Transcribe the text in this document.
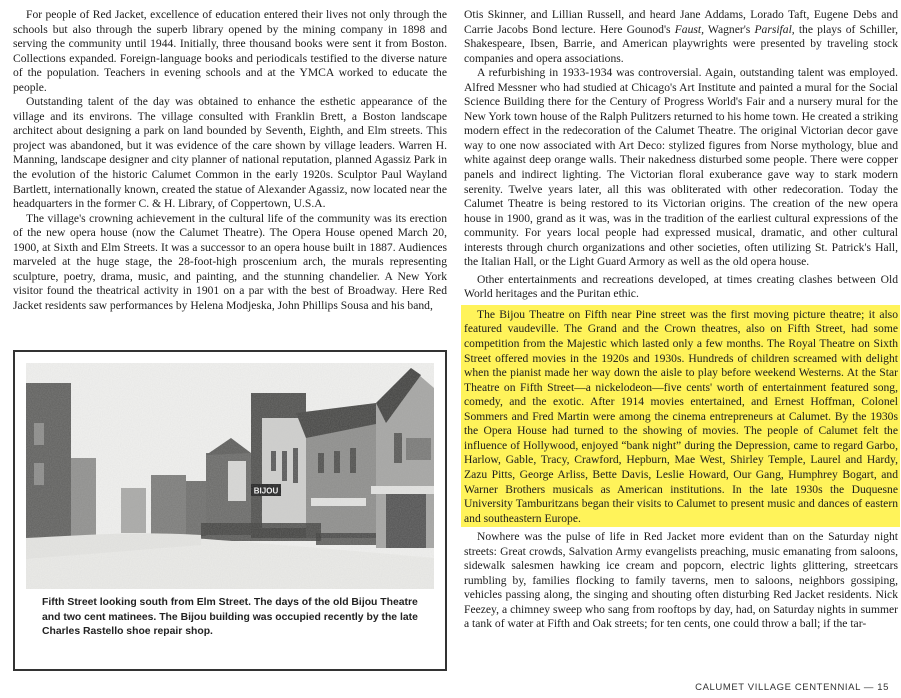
For people of Red Jacket, excellence of education entered their lives not only through the schools but also through the superb library opened by the mining company in 1898 and serving the community until 1944. Initially, three thousand books were sent it from Boston. Collections expanded. Foreign-language books and periodicals testified to the diverse nature of the population. Teachers in evening schools and at the YMCA worked to educate the people.

Outstanding talent of the day was obtained to enhance the esthetic appearance of the village and its environs. The village consulted with Franklin Brett, a Boston landscape architect about designing a park on land bounded by Seventh, Eighth, and Elm streets. This project was abandoned, but it was evidence of the care shown by village leaders. Warren H. Manning, landscape designer and city planner of national reputation, planned Agassiz Park in the evolution of the historic Calumet Common in the early 1920s. Sculptor Paul Wayland Bartlett, internationally known, created the statue of Alexander Agassiz, now located near the headquarters in the former C. & H. Library, of Coppertown, U.S.A.

The village's crowning achievement in the cultural life of the community was its erection of the new opera house (now the Calumet Theatre). The Opera House opened March 20, 1900, at Sixth and Elm Streets. It was a successor to an opera house built in 1887. Audiences marveled at the huge stage, the 28-foot-high proscenium arch, the murals representing sculpture, poetry, drama, music, and painting, and the stunning chandelier. A New York visitor found the theatrical activity in 1901 on a par with the best of Broadway. Here Red Jacket residents saw performances by Helena Modjeska, John Phillips Sousa and his band,

Fifth Street looking south from Elm Street. The days of the old Bijou Theatre and two cent matinees. The Bijou building was occupied recently by the late Charles Rastello shoe repair shop.

Otis Skinner, and Lillian Russell, and heard Jane Addams, Lorado Taft, Eugene Debs and Carrie Jacobs Bond lecture. Here Gounod's Faust, Wagner's Parsifal, the plays of Schiller, Shakespeare, Ibsen, Barrie, and American playwrights were presented by traveling stock companies and opera associations.

A refurbishing in 1933-1934 was controversial. Again, outstanding talent was employed. Alfred Messner who had studied at Chicago's Art Institute and painted a mural for the Social Science Building there for the Century of Progress World's Fair and a nursery mural for the New York town house of the Ralph Pulitzers returned to his home town. He created a striking modern effect in the redecoration of the Calumet Theatre. The original Victorian decor gave way to one now associated with Art Deco: stylized figures from Norse mythology, blue and white against deep orange walls. Their nakedness disturbed some people. There were copper panels and indirect lighting. The Victorian floral exuberance gave way to stark modern serenity. Twelve years later, all this was obliterated with other redecoration. Today the Calumet Theatre is being restored to its Victorian origins. The creation of the new opera house in 1900, grand as it was, was in the tradition of the earliest cultural expressions of the community. For years local people had expressed musical, dramatic, and other cultural interests through church organizations and other societies, often utilizing St. Patrick's Hall, the Italian Hall, or the Light Guard Armory as well as the old opera house.

Other entertainments and recreations developed, at times creating clashes between Old World heritages and the Puritan ethic.

The Bijou Theatre on Fifth near Pine street was the first moving picture theatre; it also featured vaudeville. The Grand and the Crown theatres, also on Fifth Street, had some competition from the Majestic which lasted only a few months. The Royal Theatre on Sixth Street offered movies in the 1920s and 1930s. Hundreds of children screamed with delight when the pianist made her way down the aisle to play before weekend Westerns. At the Star Theatre on Fifth Street—a nickelodeon—five cents' worth of entertainment featured song, comedy, and the exotic. After 1914 movies entertained, and Ernest Hoffman, Colonel Sommers and Fred Martin were among the cinema entrepreneurs at Calumet. By the 1930s the Opera House had turned to the showing of movies. The people of Calumet felt the influence of Hollywood, enjoyed “bank night” during the Depression, came to regard Garbo, Harlow, Gable, Tracy, Crawford, Hepburn, Mae West, Shirley Temple, Laurel and Hardy, Zazu Pitts, George Arliss, Bette Davis, Leslie Howard, Our Gang, Humphrey Bogart, and Warner Brothers musicals as American institutions. In the late 1930s the Duquesne University Tamburitzans began their visits to Calumet to present music and dances of eastern and southeastern Europe.

Nowhere was the pulse of life in Red Jacket more evident than on the Saturday night streets: Great crowds, Salvation Army evangelists preaching, music emanating from saloons, sidewalk salesmen hawking ice cream and popcorn, electric lights glittering, streetcars rumbling by, families flocking to family taverns, men to saloons, neighbors gossiping, vehicles passing along, the singing and shouting often disturbing Red Jacket residents. Nick Feezey, a chimney sweep who sang from rooftops by day, had, on Saturday nights in summer a tank of water at Fifth and Oak streets; for ten cents, one could throw a ball; if the tar-

CALUMET VILLAGE CENTENNIAL — 15
